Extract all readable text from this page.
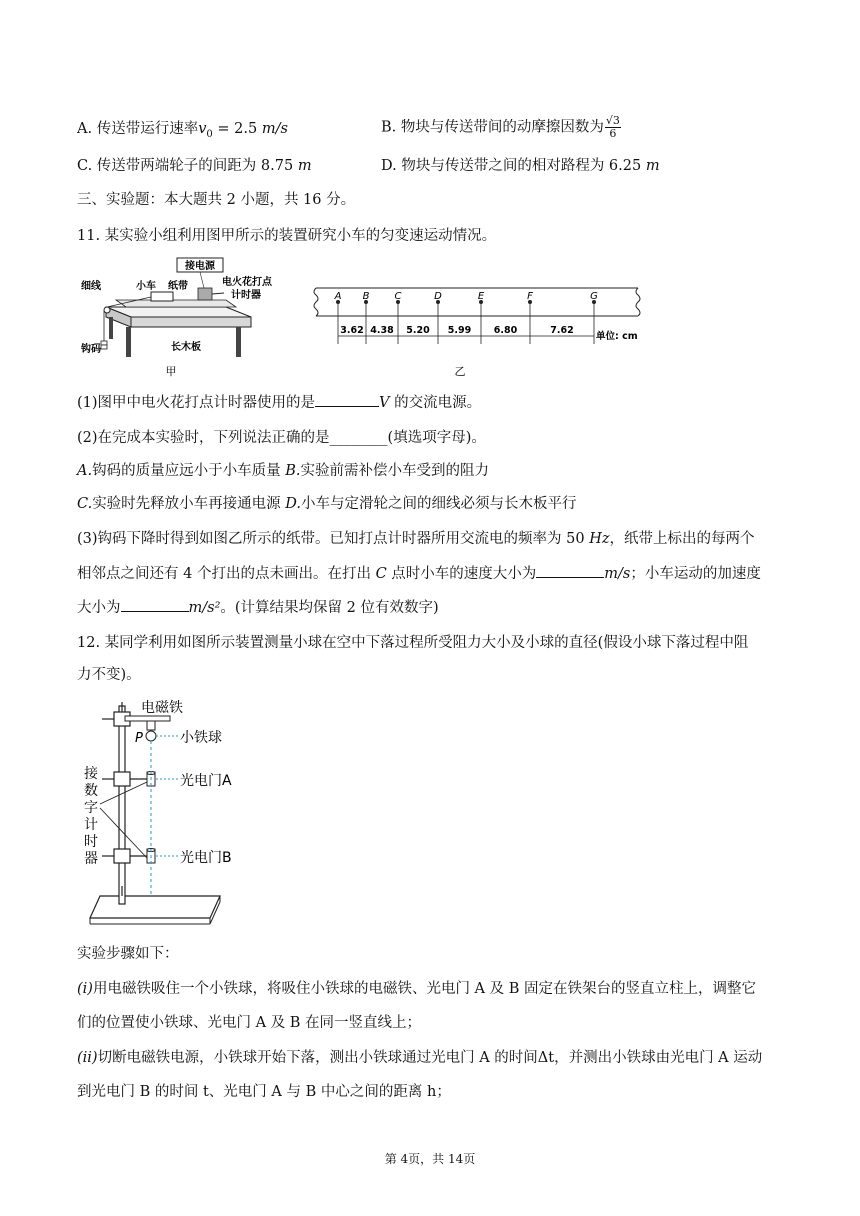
A. 传送带运行速率$v_0 = 2.5$ m/s	B. 物块与传送带间的动摩擦因数为 $\frac{√3}{6}$
C. 传送带两端轮子的间距为 8.75 m	D. 物块与传送带之间的相对路程为 6.25 m
三、实验题：本大题共 2 小题，共 16 分。
11. 某实验小组利用图甲所示的装置研究小车的匀变速运动情况。
接电源
细线	小车 纸带	电火花打点
计时器
钩码	长木板
甲
A B	C	D	E	F	G
3.62 4.38 5.20 5.99 6.80	7.62
单位: cm
乙
(1)图甲中电火花打点计时器使用的是	V 的交流电源。
(2)在完成本实验时，下列说法正确的是________(填选项字母)。
A.钩码的质量应远小于小车质量 B.实验前需补偿小车受到的阻力
C.实验时先释放小车再接通电源 D.小车与定滑轮之间的细线必须与长木板平行
(3)钩码下降时得到如图乙所示的纸带。已知打点计时器所用交流电的频率为 50 Hz，纸带上标出的每两个
相邻点之间还有 4 个打出的点未画出。在打出 C 点时小车的速度大小为	m/s；小车运动的加速度
大小为	m/s²。(计算结果均保留 2 位有效数字)
12. 某同学利用如图所示装置测量小球在空中下落过程所受阻力大小及小球的直径(假设小球下落过程中阻
力不变)。
电磁铁
P	小铁球
光电门A
光电门B
接
数
字
计
时
器
实验步骤如下：
(i)用电磁铁吸住一个小铁球，将吸住小铁球的电磁铁、光电门 A 及 B 固定在铁架台的竖直立柱上，调整它
们的位置使小铁球、光电门 A 及 B 在同一竖直线上；
(ii)切断电磁铁电源，小铁球开始下落，测出小铁球通过光电门 A 的时间Δt，并测出小铁球由光电门 A 运动
到光电门 B 的时间 t、光电门 A 与 B 中心之间的距离 h；
第 4页，共 14页
